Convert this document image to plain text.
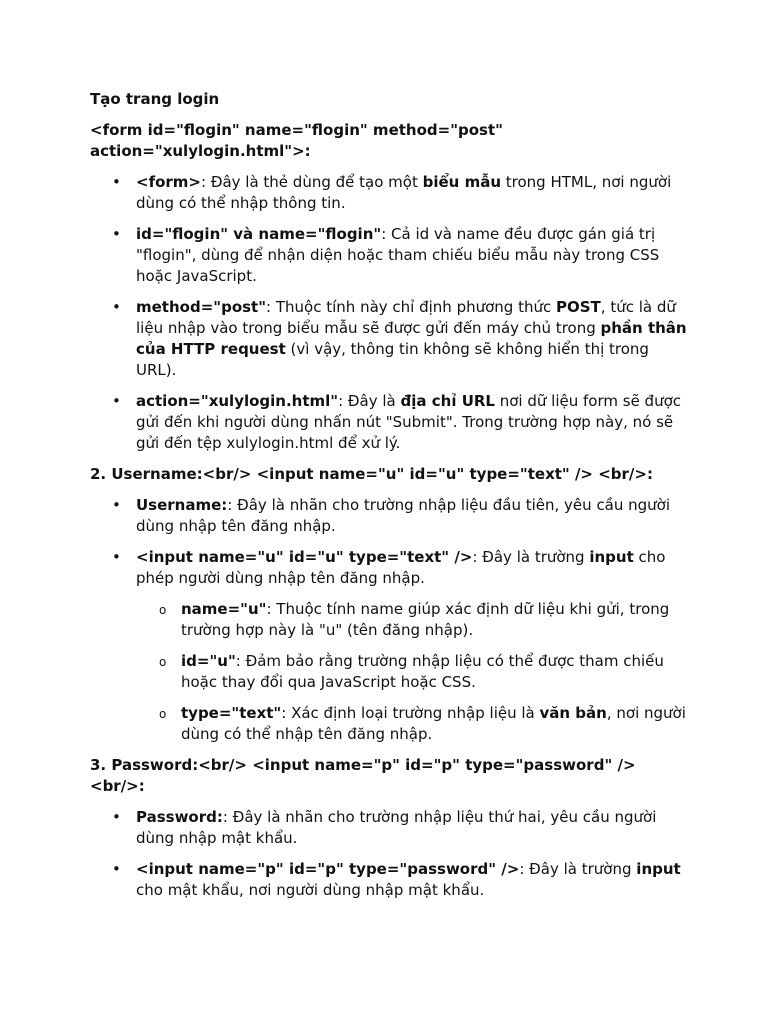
Tạo trang login

<form id="flogin" name="flogin" method="post" action="xulylogin.html">:

• <form>: Đây là thẻ dùng để tạo một biểu mẫu trong HTML, nơi người dùng có thể nhập thông tin.
• id="flogin" và name="flogin": Cả id và name đều được gán giá trị "flogin", dùng để nhận diện hoặc tham chiếu biểu mẫu này trong CSS hoặc JavaScript.
• method="post": Thuộc tính này chỉ định phương thức POST, tức là dữ liệu nhập vào trong biểu mẫu sẽ được gửi đến máy chủ trong phần thân của HTTP request (vì vậy, thông tin không sẽ không hiển thị trong URL).
• action="xulylogin.html": Đây là địa chỉ URL nơi dữ liệu form sẽ được gửi đến khi người dùng nhấn nút "Submit". Trong trường hợp này, nó sẽ gửi đến tệp xulylogin.html để xử lý.

2. Username:<br/> <input name="u" id="u" type="text" /> <br/>:

• Username:: Đây là nhãn cho trường nhập liệu đầu tiên, yêu cầu người dùng nhập tên đăng nhập.
• <input name="u" id="u" type="text" />: Đây là trường input cho phép người dùng nhập tên đăng nhập.
o name="u": Thuộc tính name giúp xác định dữ liệu khi gửi, trong trường hợp này là "u" (tên đăng nhập).
o id="u": Đảm bảo rằng trường nhập liệu có thể được tham chiếu hoặc thay đổi qua JavaScript hoặc CSS.
o type="text": Xác định loại trường nhập liệu là văn bản, nơi người dùng có thể nhập tên đăng nhập.

3. Password:<br/> <input name="p" id="p" type="password" /> <br/>:

• Password:: Đây là nhãn cho trường nhập liệu thứ hai, yêu cầu người dùng nhập mật khẩu.
• <input name="p" id="p" type="password" />: Đây là trường input cho mật khẩu, nơi người dùng nhập mật khẩu.
